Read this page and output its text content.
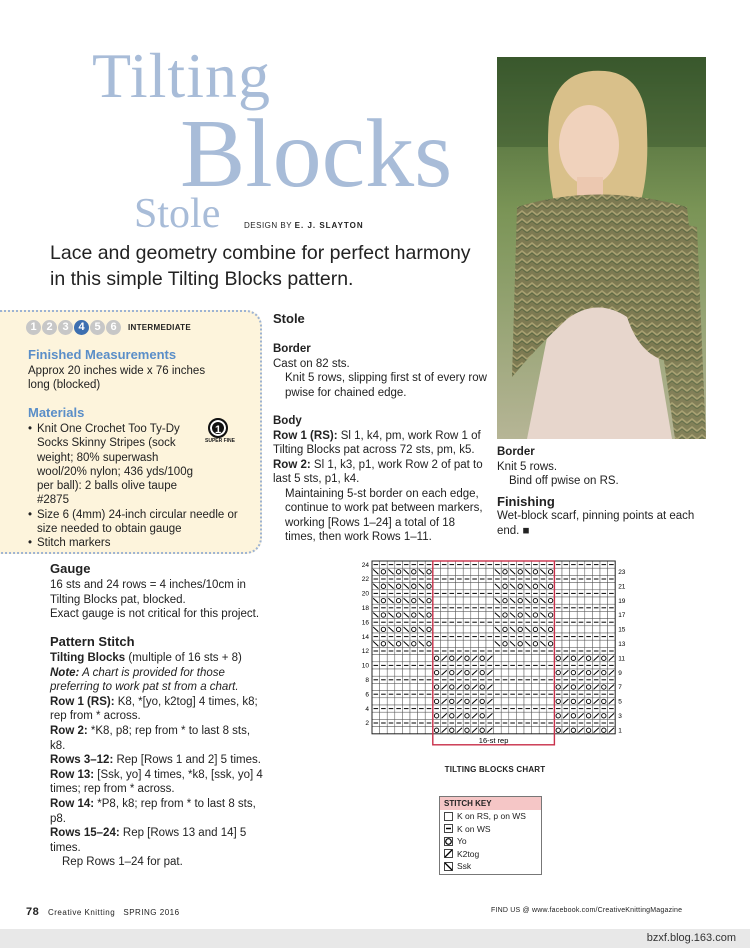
Tilting
Blocks
Stole	DESIGN BY E. J. SLAYTON
Lace and geometry combine for perfect harmony in this simple Tilting Blocks pattern.
1 2 3 4 5 6	INTERMEDIATE
Finished Measurements
Approx 20 inches wide x 76 inches long (blocked)
Materials
1
SUPER FINE
• Knit One Crochet Too Ty-Dy Socks Skinny Stripes (sock weight; 80% superwash wool/20% nylon; 436 yds/100g per ball): 2 balls olive taupe #2875
• Size 6 (4mm) 24-inch circular needle or size needed to obtain gauge
• Stitch markers
Gauge

16 sts and 24 rows = 4 inches/10cm in Tilting Blocks pat, blocked.

Exact gauge is not critical for this project.

Pattern Stitch

Tilting Blocks (multiple of 16 sts + 8)

Note: A chart is provided for those preferring to work pat st from a chart.

Row 1 (RS): K8, *[yo, k2tog] 4 times, k8; rep from * across.

Row 2: *K8, p8; rep from * to last 8 sts, k8.

Rows 3–12: Rep [Rows 1 and 2] 5 times.

Row 13: [Ssk, yo] 4 times, *k8, [ssk, yo] 4 times; rep from * across.

Row 14: *P8, k8; rep from * to last 8 sts, p8.

Rows 15–24: Rep [Rows 13 and 14] 5 times.

Rep Rows 1–24 for pat.

Stole
Border

Cast on 82 sts.

Knit 5 rows, slipping first st of every row pwise for chained edge.

Body

Row 1 (RS): Sl 1, k4, pm, work Row 1 of Tilting Blocks pat across 72 sts, pm, k5.

Row 2: Sl 1, k3, p1, work Row 2 of pat to last 5 sts, p1, k4.

Maintaining 5-st border on each edge, continue to work pat between markers, working [Rows 1–24] a total of 18 times, then work Rows 1–11.

Border

Knit 5 rows.

Bind off pwise on RS.

Finishing

Wet-block scarf, pinning points at each end. ■

16-st rep
24
22
20
18
16
14
12
10
8
6
4
2
23
21
19
17
15
13
11
9
7
5
3
1
TILTING BLOCKS CHART
STITCH KEY
K on RS, p on WS
K on WS
Yo
K2tog
Ssk
78 Creative Knitting SPRING 2016	FIND US @ www.facebook.com/CreativeKnittingMagazine
bzxf.blog.163.com
